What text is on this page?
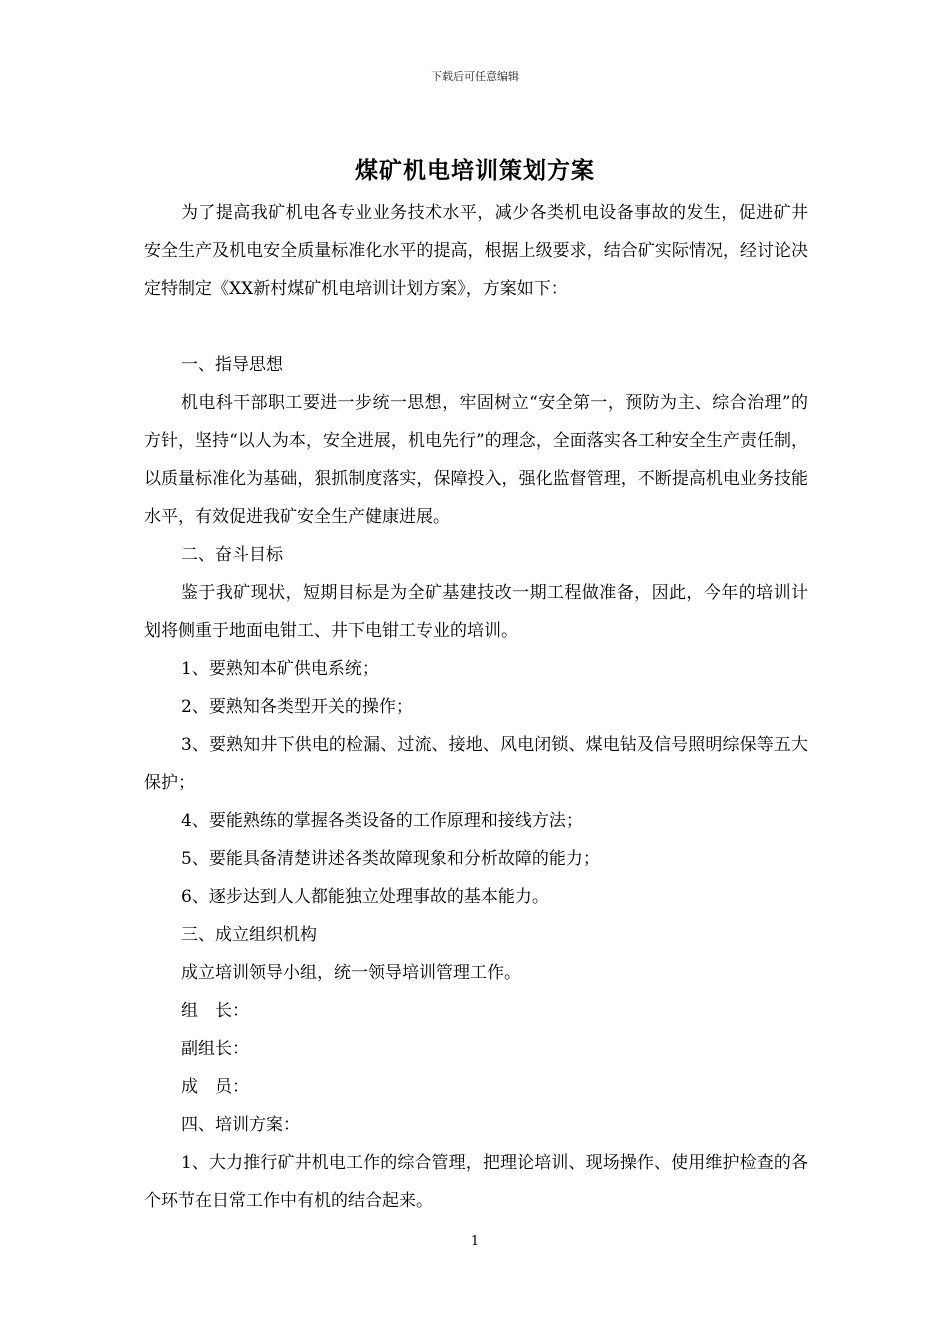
下载后可任意编辑
煤矿机电培训策划方案

为了提高我矿机电各专业业务技术水平，减少各类机电设备事故的发生，促进矿井安全生产及机电安全质量标准化水平的提高，根据上级要求，结合矿实际情况，经讨论决定特制定《XX新村煤矿机电培训计划方案》，方案如下：

一、指导思想

机电科干部职工要进一步统一思想，牢固树立“安全第一，预防为主、综合治理”的方针，坚持“以人为本，安全进展，机电先行”的理念，全面落实各工种安全生产责任制，以质量标准化为基础，狠抓制度落实，保障投入，强化监督管理，不断提高机电业务技能水平，有效促进我矿安全生产健康进展。

二、奋斗目标

鉴于我矿现状，短期目标是为全矿基建技改一期工程做准备，因此，今年的培训计划将侧重于地面电钳工、井下电钳工专业的培训。

1、要熟知本矿供电系统；

2、要熟知各类型开关的操作；

3、要熟知井下供电的检漏、过流、接地、风电闭锁、煤电钻及信号照明综保等五大保护；

4、要能熟练的掌握各类设备的工作原理和接线方法；

5、要能具备清楚讲述各类故障现象和分析故障的能力；

6、逐步达到人人都能独立处理事故的基本能力。

三、成立组织机构

成立培训领导小组，统一领导培训管理工作。

组　长：

副组长：

成　员：

四、培训方案：

1、大力推行矿井机电工作的综合管理，把理论培训、现场操作、使用维护检查的各个环节在日常工作中有机的结合起来。

1
